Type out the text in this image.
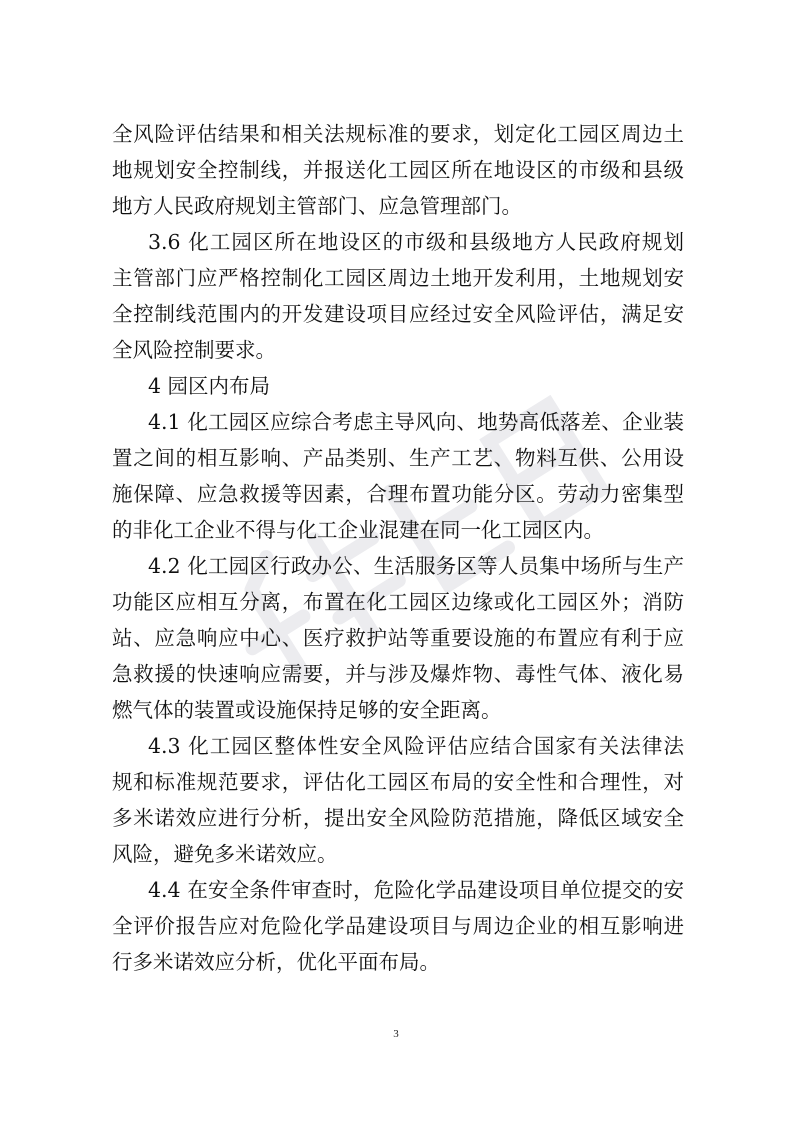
全风险评估结果和相关法规标准的要求，划定化工园区周边土
地规划安全控制线，并报送化工园区所在地设区的市级和县级
地方人民政府规划主管部门、应急管理部门。
3.6 化工园区所在地设区的市级和县级地方人民政府规划
主管部门应严格控制化工园区周边土地开发利用，土地规划安
全控制线范围内的开发建设项目应经过安全风险评估，满足安
全风险控制要求。
4 园区内布局
4.1 化工园区应综合考虑主导风向、地势高低落差、企业装
置之间的相互影响、产品类别、生产工艺、物料互供、公用设
施保障、应急救援等因素，合理布置功能分区。劳动力密集型
的非化工企业不得与化工企业混建在同一化工园区内。
4.2 化工园区行政办公、生活服务区等人员集中场所与生产
功能区应相互分离，布置在化工园区边缘或化工园区外；消防
站、应急响应中心、医疗救护站等重要设施的布置应有利于应
急救援的快速响应需要，并与涉及爆炸物、毒性气体、液化易
燃气体的装置或设施保持足够的安全距离。
4.3 化工园区整体性安全风险评估应结合国家有关法律法
规和标准规范要求，评估化工园区布局的安全性和合理性，对
多米诺效应进行分析，提出安全风险防范措施，降低区域安全
风险，避免多米诺效应。
4.4 在安全条件审查时，危险化学品建设项目单位提交的安
全评价报告应对危险化学品建设项目与周边企业的相互影响进
行多米诺效应分析，优化平面布局。
3
